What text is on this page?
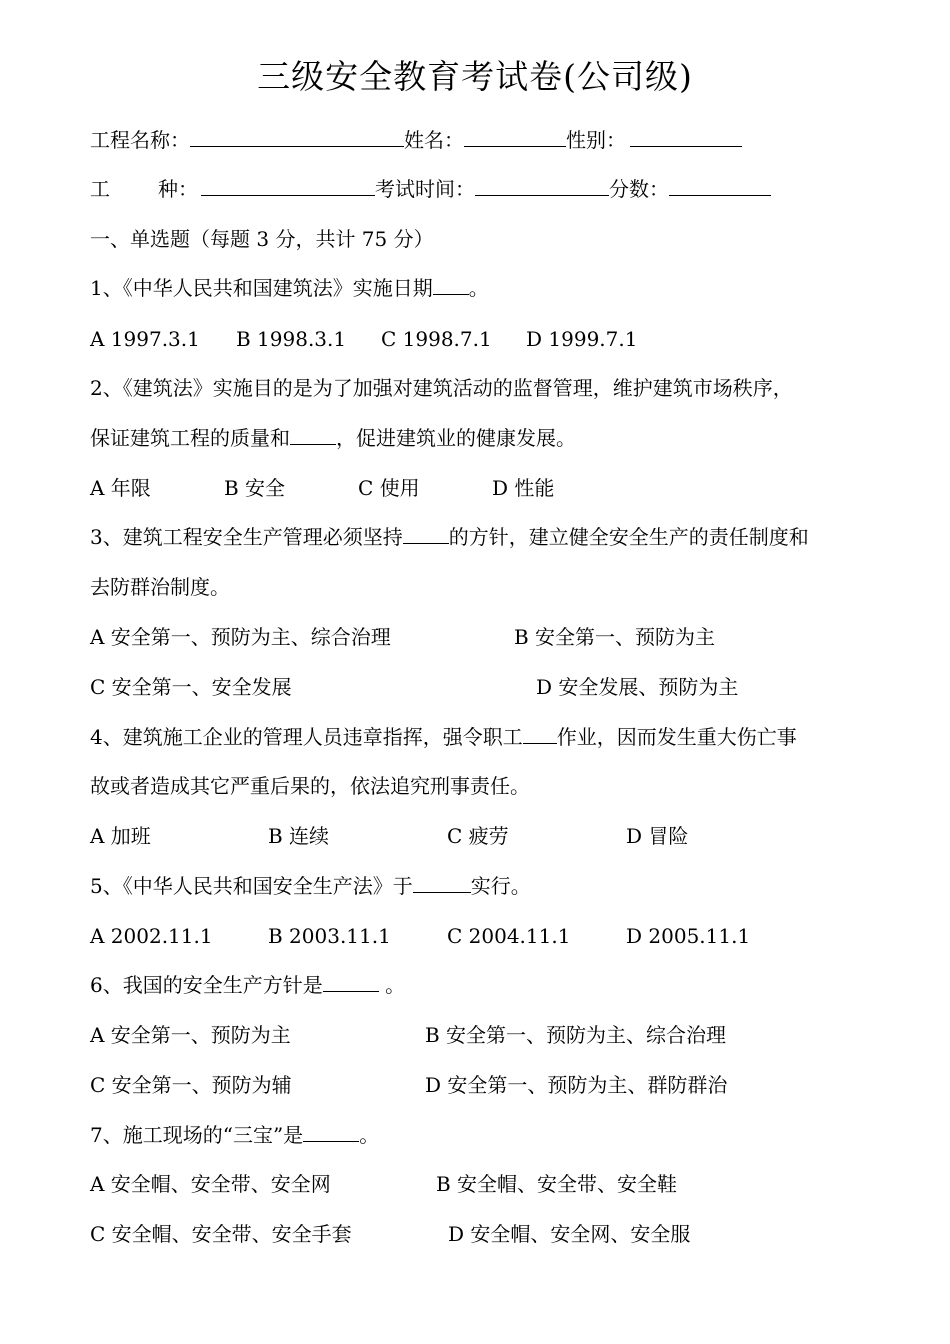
三级安全教育考试卷(公司级)
工程名称：	姓名：	性别：
工 种：	考试时间：	分数：
一、单选题（每题 3 分，共计 75 分）
1、《中华人民共和国建筑法》实施日期 。
A 1997.3.1 B 1998.3.1 C 1998.7.1 D 1999.7.1
2、《建筑法》实施目的是为了加强对建筑活动的监督管理，维护建筑市场秩序，
保证建筑工程的质量和 ，促进建筑业的健康发展。
A 年限	B 安全	C 使用	D 性能
3、建筑工程安全生产管理必须坚持 的方针，建立健全安全生产的责任制度和
去防群治制度。
A 安全第一、预防为主、综合治理	B 安全第一、预防为主
C 安全第一、安全发展	D 安全发展、预防为主
4、建筑施工企业的管理人员违章指挥，强令职工 作业，因而发生重大伤亡事
故或者造成其它严重后果的，依法追究刑事责任。
A 加班	B 连续	C 疲劳	D 冒险
5、《中华人民共和国安全生产法》于	实行。
A 2002.11.1	B 2003.11.1	C 2004.11.1	D 2005.11.1
6、我国的安全生产方针是	。
A 安全第一、预防为主	B 安全第一、预防为主、综合治理
C 安全第一、预防为辅	D 安全第一、预防为主、群防群治
7、施工现场的“三宝”是	。
A 安全帽、安全带、安全网	B 安全帽、安全带、安全鞋
C 安全帽、安全带、安全手套	D 安全帽、安全网、安全服
